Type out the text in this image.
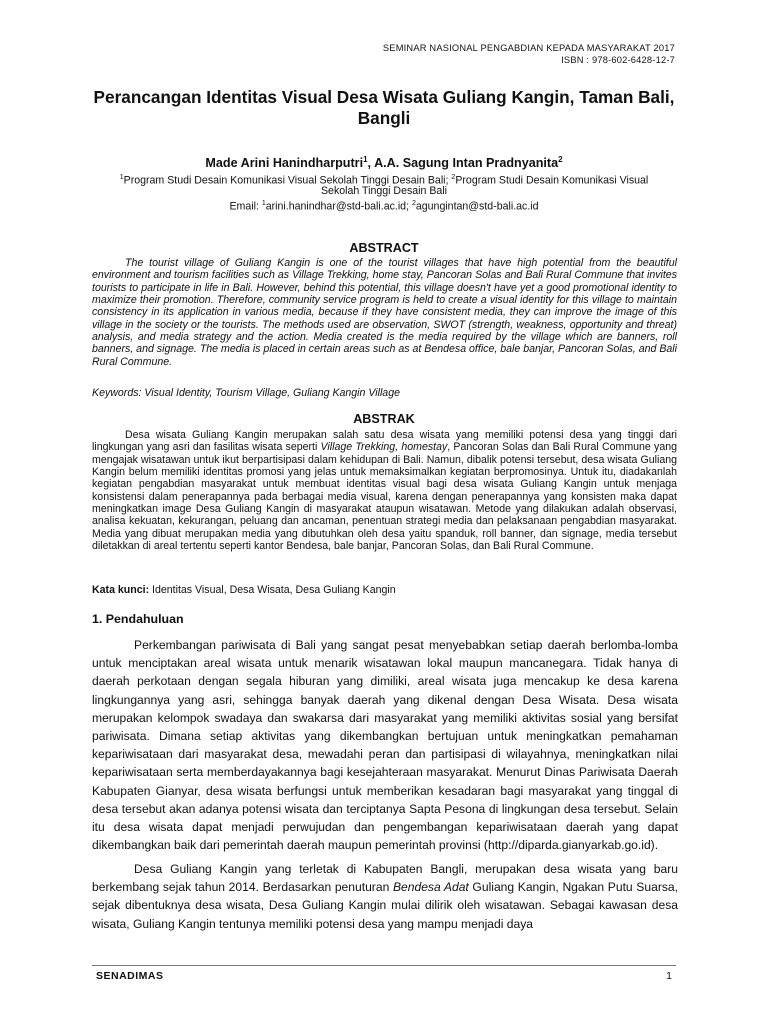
SEMINAR NASIONAL PENGABDIAN KEPADA MASYARAKAT 2017
ISBN : 978-602-6428-12-7
Perancangan Identitas Visual Desa Wisata Guliang Kangin, Taman Bali, Bangli
Made Arini Hanindharputri$^1$, A.A. Sagung Intan Pradnyanita$^2$
$^1$Program Studi Desain Komunikasi Visual Sekolah Tinggi Desain Bali; $^2$Program Studi Desain Komunikasi Visual
Sekolah Tinggi Desain Bali
Email: $^1$arini.hanindhar@std-bali.ac.id; $^2$agungintan@std-bali.ac.id
ABSTRACT
The tourist village of Guliang Kangin is one of the tourist villages that have high potential from the beautiful environment and tourism facilities such as Village Trekking, home stay, Pancoran Solas and Bali Rural Commune that invites tourists to participate in life in Bali. However, behind this potential, this village doesn't have yet a good promotional identity to maximize their promotion. Therefore, community service program is held to create a visual identity for this village to maintain consistency in its application in various media, because if they have consistent media, they can improve the image of this village in the society or the tourists. The methods used are observation, SWOT (strength, weakness, opportunity and threat) analysis, and media strategy and the action. Media created is the media required by the village which are banners, roll banners, and signage. The media is placed in certain areas such as at Bendesa office, bale banjar, Pancoran Solas, and Bali Rural Commune.
Keywords: Visual Identity, Tourism Village, Guliang Kangin Village
ABSTRAK
Desa wisata Guliang Kangin merupakan salah satu desa wisata yang memiliki potensi desa yang tinggi dari lingkungan yang asri dan fasilitas wisata seperti Village Trekking, homestay, Pancoran Solas dan Bali Rural Commune yang mengajak wisatawan untuk ikut berpartisipasi dalam kehidupan di Bali. Namun, dibalik potensi tersebut, desa wisata Guliang Kangin belum memiliki identitas promosi yang jelas untuk memaksimalkan kegiatan berpromosinya. Untuk itu, diadakanlah kegiatan pengabdian masyarakat untuk membuat identitas visual bagi desa wisata Guliang Kangin untuk menjaga konsistensi dalam penerapannya pada berbagai media visual, karena dengan penerapannya yang konsisten maka dapat meningkatkan image Desa Guliang Kangin di masyarakat ataupun wisatawan. Metode yang dilakukan adalah observasi, analisa kekuatan, kekurangan, peluang dan ancaman, penentuan strategi media dan pelaksanaan pengabdian masyarakat. Media yang dibuat merupakan media yang dibutuhkan oleh desa yaitu spanduk, roll banner, dan signage, media tersebut diletakkan di areal tertentu seperti kantor Bendesa, bale banjar, Pancoran Solas, dan Bali Rural Commune.
Kata kunci: Identitas Visual, Desa Wisata, Desa Guliang Kangin
1. Pendahuluan
Perkembangan pariwisata di Bali yang sangat pesat menyebabkan setiap daerah berlomba-lomba untuk menciptakan areal wisata untuk menarik wisatawan lokal maupun mancanegara. Tidak hanya di daerah perkotaan dengan segala hiburan yang dimiliki, areal wisata juga mencakup ke desa karena lingkungannya yang asri, sehingga banyak daerah yang dikenal dengan Desa Wisata. Desa wisata merupakan kelompok swadaya dan swakarsa dari masyarakat yang memiliki aktivitas sosial yang bersifat pariwisata. Dimana setiap aktivitas yang dikembangkan bertujuan untuk meningkatkan pemahaman kepariwisataan dari masyarakat desa, mewadahi peran dan partisipasi di wilayahnya, meningkatkan nilai kepariwisataan serta memberdayakannya bagi kesejahteraan masyarakat. Menurut Dinas Pariwisata Daerah Kabupaten Gianyar, desa wisata berfungsi untuk memberikan kesadaran bagi masyarakat yang tinggal di desa tersebut akan adanya potensi wisata dan terciptanya Sapta Pesona di lingkungan desa tersebut. Selain itu desa wisata dapat menjadi perwujudan dan pengembangan kepariwisataan daerah yang dapat dikembangkan baik dari pemerintah daerah maupun pemerintah provinsi (http://diparda.gianyarkab.go.id).
Desa Guliang Kangin yang terletak di Kabupaten Bangli, merupakan desa wisata yang baru berkembang sejak tahun 2014. Berdasarkan penuturan Bendesa Adat Guliang Kangin, Ngakan Putu Suarsa, sejak dibentuknya desa wisata, Desa Guliang Kangin mulai dilirik oleh wisatawan. Sebagai kawasan desa wisata, Guliang Kangin tentunya memiliki potensi desa yang mampu menjadi daya
SENADIMAS	1
